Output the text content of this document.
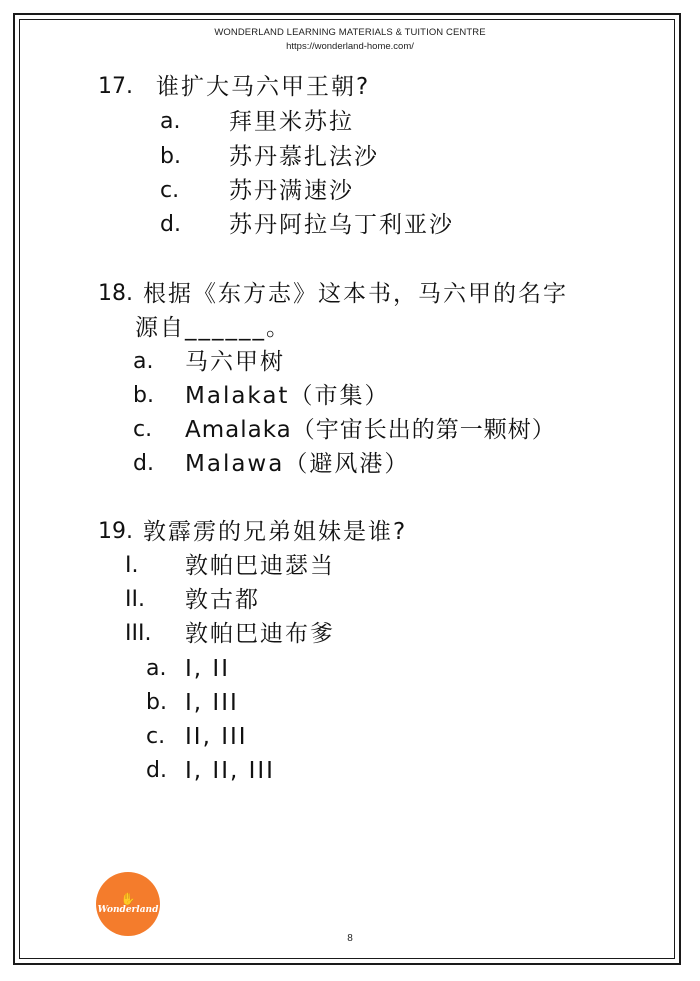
WONDERLAND LEARNING MATERIALS & TUITION CENTRE
https://wonderland-home.com/
17. 谁扩大马六甲王朝?
a. 拜里米苏拉
b. 苏丹慕扎法沙
c. 苏丹满速沙
d. 苏丹阿拉乌丁利亚沙
18. 根据《东方志》这本书，马六甲的名字
源自______。
a. 马六甲树
b. Malakat（市集）
c. Amalaka（宇宙长出的第一颗树）
d. Malawa（避风港）
19. 敦霹雳的兄弟姐妹是谁?
I. 敦帕巴迪瑟当
II. 敦古都
III. 敦帕巴迪布爹
a. I, II
b. I, III
c. II, III
d. I, II, III
✋
Wonderland
8
